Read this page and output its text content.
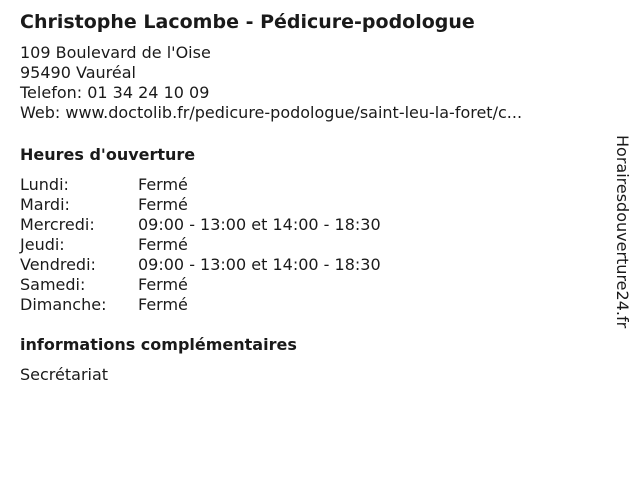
Christophe Lacombe - Pédicure-podologue
109 Boulevard de l'Oise
95490 Vauréal
Telefon: 01 34 24 10 09
Web: www.doctolib.fr/pedicure-podologue/saint-leu-la-foret/c...
Heures d'ouverture
Lundi:	Fermé
Mardi:	Fermé
Mercredi:	09:00 - 13:00 et 14:00 - 18:30
Jeudi:	Fermé
Vendredi:	09:00 - 13:00 et 14:00 - 18:30
Samedi:	Fermé
Dimanche:	Fermé
informations complémentaires
Secrétariat
Horairesdouverture24.fr
